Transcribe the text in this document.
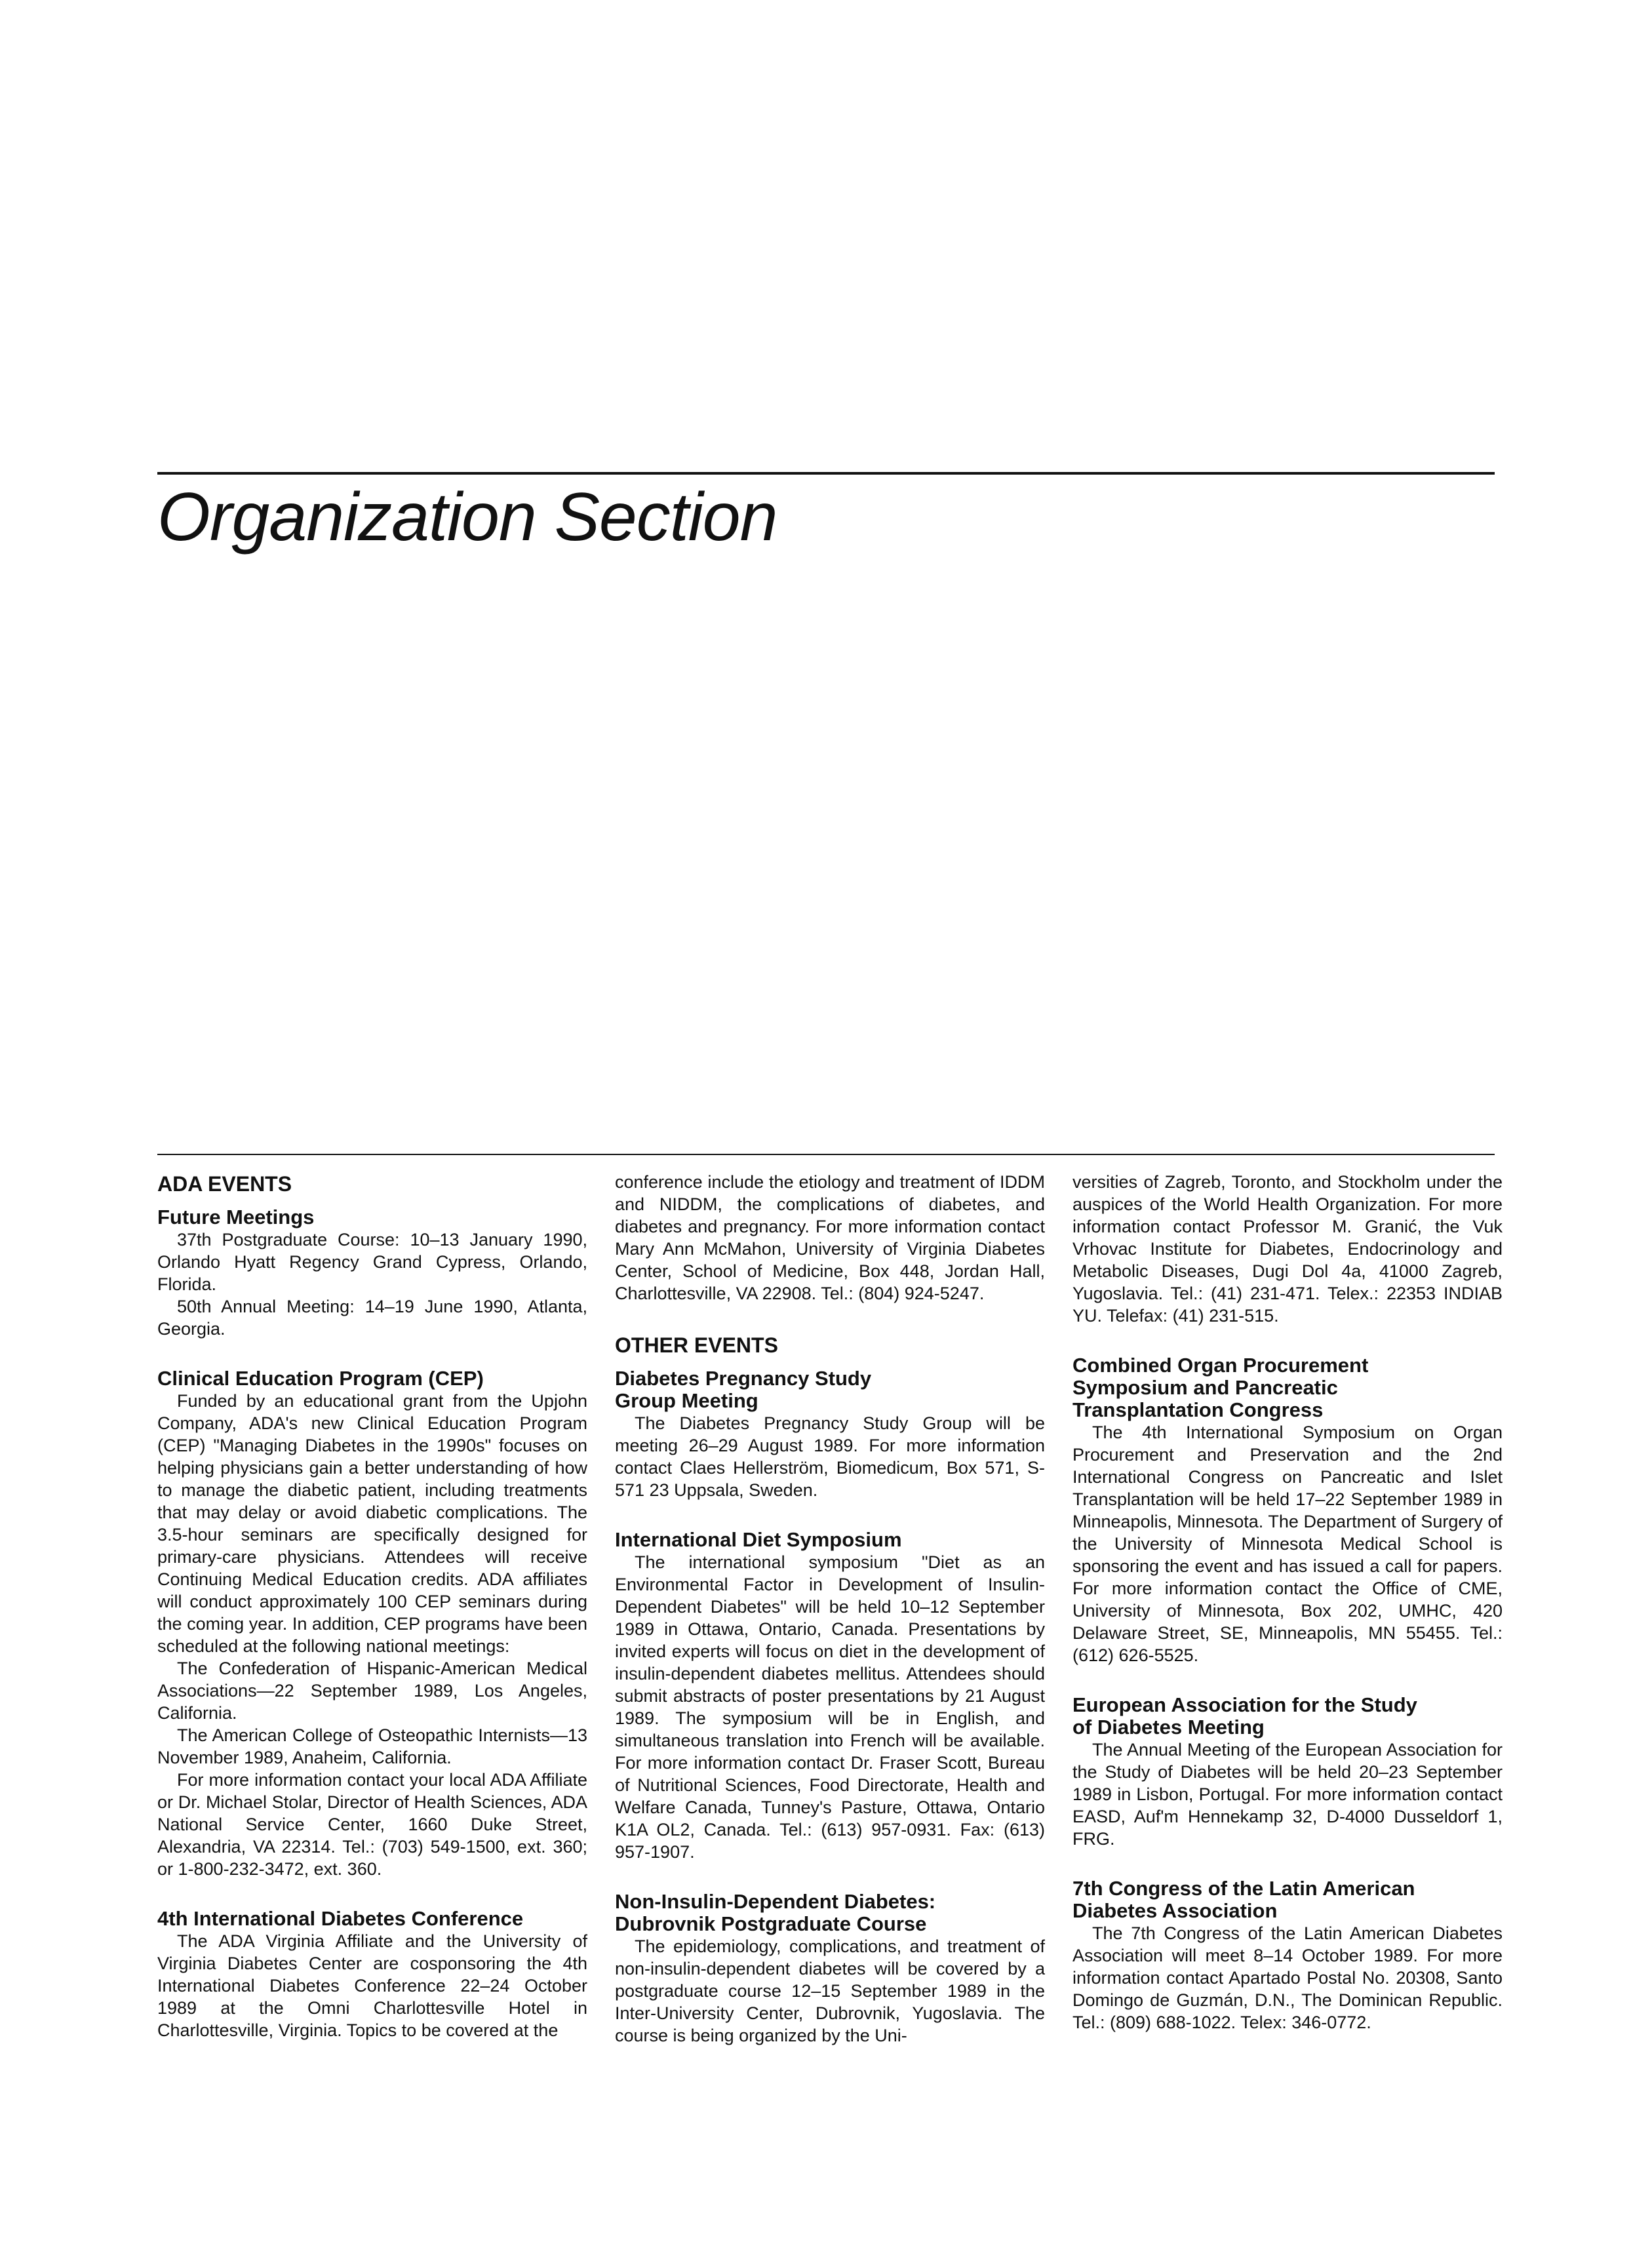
Organization Section
ADA EVENTS
Future Meetings

37th Postgraduate Course: 10–13 January 1990, Orlando Hyatt Regency Grand Cypress, Orlando, Florida.

50th Annual Meeting: 14–19 June 1990, Atlanta, Georgia.

Clinical Education Program (CEP)

Funded by an educational grant from the Upjohn Company, ADA's new Clinical Education Program (CEP) "Managing Diabetes in the 1990s" focuses on helping physicians gain a better understanding of how to manage the diabetic patient, including treatments that may delay or avoid diabetic complications. The 3.5-hour seminars are specifically designed for primary-care physicians. Attendees will receive Continuing Medical Education credits. ADA affiliates will conduct approximately 100 CEP seminars during the coming year. In addition, CEP programs have been scheduled at the following national meetings:

The Confederation of Hispanic-American Medical Associations—22 September 1989, Los Angeles, California.

The American College of Osteopathic Internists—13 November 1989, Anaheim, California.

For more information contact your local ADA Affiliate or Dr. Michael Stolar, Director of Health Sciences, ADA National Service Center, 1660 Duke Street, Alexandria, VA 22314. Tel.: (703) 549-1500, ext. 360; or 1-800-232-3472, ext. 360.

4th International Diabetes Conference

The ADA Virginia Affiliate and the University of Virginia Diabetes Center are cosponsoring the 4th International Diabetes Conference 22–24 October 1989 at the Omni Charlottesville Hotel in Charlottesville, Virginia. Topics to be covered at the

conference include the etiology and treatment of IDDM and NIDDM, the complications of diabetes, and diabetes and pregnancy. For more information contact Mary Ann McMahon, University of Virginia Diabetes Center, School of Medicine, Box 448, Jordan Hall, Charlottesville, VA 22908. Tel.: (804) 924-5247.

OTHER EVENTS
Diabetes Pregnancy Study
Group Meeting

The Diabetes Pregnancy Study Group will be meeting 26–29 August 1989. For more information contact Claes Hellerström, Biomedicum, Box 571, S-571 23 Uppsala, Sweden.

International Diet Symposium

The international symposium "Diet as an Environmental Factor in Development of Insulin-Dependent Diabetes" will be held 10–12 September 1989 in Ottawa, Ontario, Canada. Presentations by invited experts will focus on diet in the development of insulin-dependent diabetes mellitus. Attendees should submit abstracts of poster presentations by 21 August 1989. The symposium will be in English, and simultaneous translation into French will be available. For more information contact Dr. Fraser Scott, Bureau of Nutritional Sciences, Food Directorate, Health and Welfare Canada, Tunney's Pasture, Ottawa, Ontario K1A OL2, Canada. Tel.: (613) 957-0931. Fax: (613) 957-1907.

Non-Insulin-Dependent Diabetes:
Dubrovnik Postgraduate Course

The epidemiology, complications, and treatment of non-insulin-dependent diabetes will be covered by a postgraduate course 12–15 September 1989 in the Inter-University Center, Dubrovnik, Yugoslavia. The course is being organized by the Uni-

versities of Zagreb, Toronto, and Stockholm under the auspices of the World Health Organization. For more information contact Professor M. Granić, the Vuk Vrhovac Institute for Diabetes, Endocrinology and Metabolic Diseases, Dugi Dol 4a, 41000 Zagreb, Yugoslavia. Tel.: (41) 231-471. Telex.: 22353 INDIAB YU. Telefax: (41) 231-515.

Combined Organ Procurement
Symposium and Pancreatic
Transplantation Congress

The 4th International Symposium on Organ Procurement and Preservation and the 2nd International Congress on Pancreatic and Islet Transplantation will be held 17–22 September 1989 in Minneapolis, Minnesota. The Department of Surgery of the University of Minnesota Medical School is sponsoring the event and has issued a call for papers. For more information contact the Office of CME, University of Minnesota, Box 202, UMHC, 420 Delaware Street, SE, Minneapolis, MN 55455. Tel.: (612) 626-5525.

European Association for the Study
of Diabetes Meeting

The Annual Meeting of the European Association for the Study of Diabetes will be held 20–23 September 1989 in Lisbon, Portugal. For more information contact EASD, Auf'm Hennekamp 32, D-4000 Dusseldorf 1, FRG.

7th Congress of the Latin American
Diabetes Association

The 7th Congress of the Latin American Diabetes Association will meet 8–14 October 1989. For more information contact Apartado Postal No. 20308, Santo Domingo de Guzmán, D.N., The Dominican Republic. Tel.: (809) 688-1022. Telex: 346-0772.
